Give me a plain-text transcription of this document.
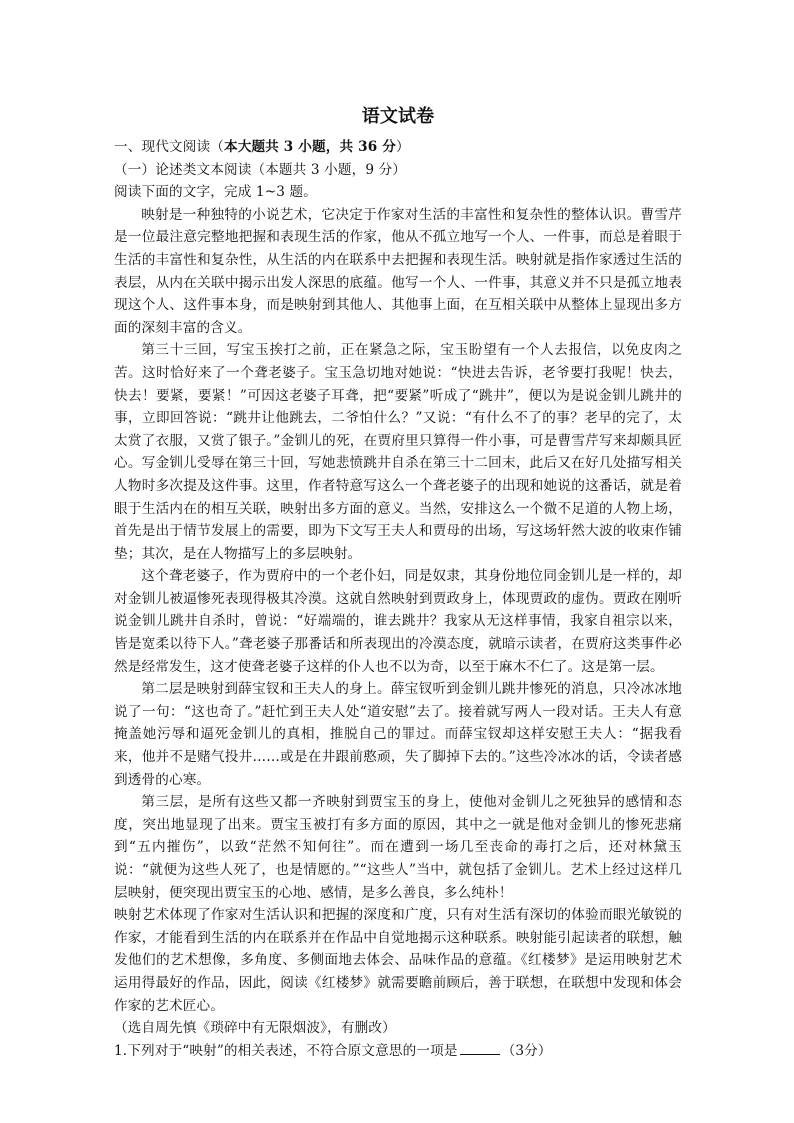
语文试卷

一、现代文阅读（本大题共 3 小题，共 36 分）

（一）论述类文本阅读（本题共 3 小题，9 分）

阅读下面的文字，完成 1~3 题。

映射是一种独特的小说艺术，它决定于作家对生活的丰富性和复杂性的整体认识。曹雪芹是一位最注意完整地把握和表现生活的作家，他从不孤立地写一个人、一件事，而总是着眼于生活的丰富性和复杂性，从生活的内在联系中去把握和表现生活。映射就是指作家透过生活的表层，从内在关联中揭示出发人深思的底蕴。他写一个人、一件事，其意义并不只是孤立地表现这个人、这件事本身，而是映射到其他人、其他事上面，在互相关联中从整体上显现出多方面的深刻丰富的含义。

第三十三回，写宝玉挨打之前，正在紧急之际，宝玉盼望有一个人去报信，以免皮肉之苦。这时恰好来了一个聋老婆子。宝玉急切地对她说：“快进去告诉，老爷要打我呢！快去，快去！要紧，要紧！”可因这老婆子耳聋，把“要紧”听成了“跳井”，便以为是说金钏儿跳井的事，立即回答说：“跳井让他跳去，二爷怕什么？”又说：“有什么不了的事？老早的完了，太太赏了衣服，又赏了银子。”金钏儿的死，在贾府里只算得一件小事，可是曹雪芹写来却颇具匠心。写金钏儿受辱在第三十回，写她悲愤跳井自杀在第三十二回末，此后又在好几处描写相关人物时多次提及这件事。这里，作者特意写这么一个聋老婆子的出现和她说的这番话，就是着眼于生活内在的相互关联，映射出多方面的意义。当然，安排这么一个微不足道的人物上场，首先是出于情节发展上的需要，即为下文写王夫人和贾母的出场，写这场轩然大波的收束作铺垫；其次，是在人物描写上的多层映射。

这个聋老婆子，作为贾府中的一个老仆妇，同是奴隶，其身份地位同金钏儿是一样的，却对金钏儿被逼惨死表现得极其冷漠。这就自然映射到贾政身上，体现贾政的虚伪。贾政在刚听说金钏儿跳井自杀时，曾说：“好端端的，谁去跳井？我家从无这样事情，我家自祖宗以来，皆是宽柔以待下人。”聋老婆子那番话和所表现出的冷漠态度，就暗示读者，在贾府这类事件必然是经常发生，这才使聋老婆子这样的仆人也不以为奇，以至于麻木不仁了。这是第一层。

第二层是映射到薛宝钗和王夫人的身上。薛宝钗听到金钏儿跳井惨死的消息，只冷冰冰地说了一句：“这也奇了。”赶忙到王夫人处“道安慰”去了。接着就写两人一段对话。王夫人有意掩盖她污辱和逼死金钏儿的真相，推脱自己的罪过。而薛宝钗却这样安慰王夫人：“据我看来，他并不是赌气投井……或是在井跟前憨顽，失了脚掉下去的。”这些冷冰冰的话，令读者感到透骨的心寒。

第三层，是所有这些又都一齐映射到贾宝玉的身上，使他对金钏儿之死独异的感情和态度，突出地显现了出来。贾宝玉被打有多方面的原因，其中之一就是他对金钏儿的惨死悲痛到“五内摧伤”，以致“茫然不知何往”。而在遭到一场几至丧命的毒打之后，还对林黛玉说：“就便为这些人死了，也是情愿的。”“这些人”当中，就包括了金钏儿。艺术上经过这样几层映射，便突现出贾宝玉的心地、感情，是多么善良，多么纯朴！

映射艺术体现了作家对生活认识和把握的深度和广度，只有对生活有深切的体验而眼光敏锐的作家，才能看到生活的内在联系并在作品中自觉地揭示这种联系。映射能引起读者的联想，触发他们的艺术想像，多角度、多侧面地去体会、品味作品的意蕴。《红楼梦》是运用映射艺术运用得最好的作品，因此，阅读《红楼梦》就需要瞻前顾后，善于联想，在联想中发现和体会作家的艺术匠心。

（选自周先慎《琐碎中有无限烟波》，有删改）

1.下列对于“映射”的相关表述，不符合原文意思的一项是	（3分）
